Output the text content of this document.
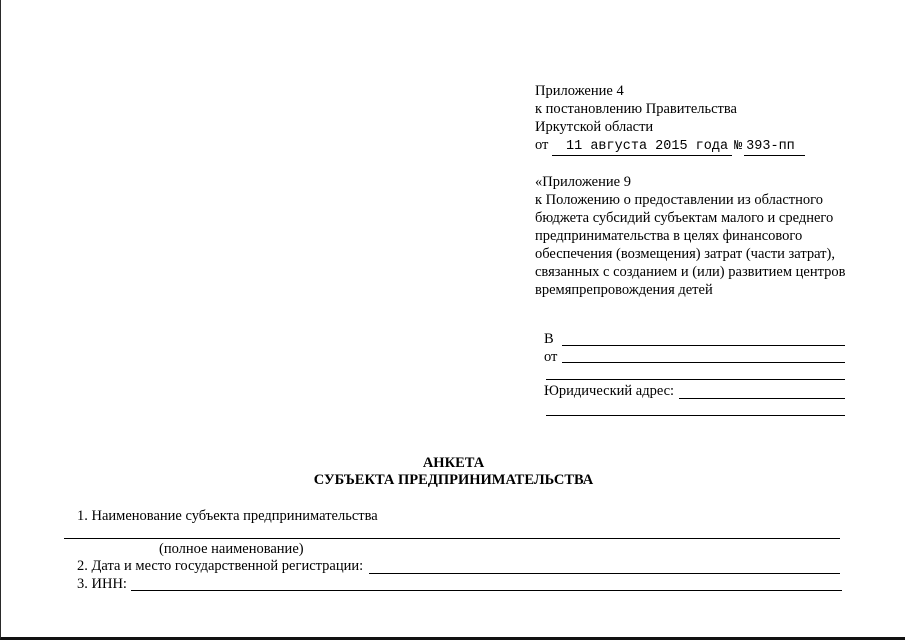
Приложение 4
к постановлению Правительства
Иркутской области
от 11 августа 2015 года № 393-пп
«Приложение 9
к Положению о предоставлении из областного
бюджета субсидий субъектам малого и среднего
предпринимательства в целях финансового
обеспечения (возмещения) затрат (части затрат),
связанных с созданием и (или) развитием центров
времяпрепровождения детей
В
от
Юридический адрес:
АНКЕТА
СУБЪЕКТА ПРЕДПРИНИМАТЕЛЬСТВА
1. Наименование субъекта предпринимательства
(полное наименование)
2. Дата и место государственной регистрации:
3. ИНН:
